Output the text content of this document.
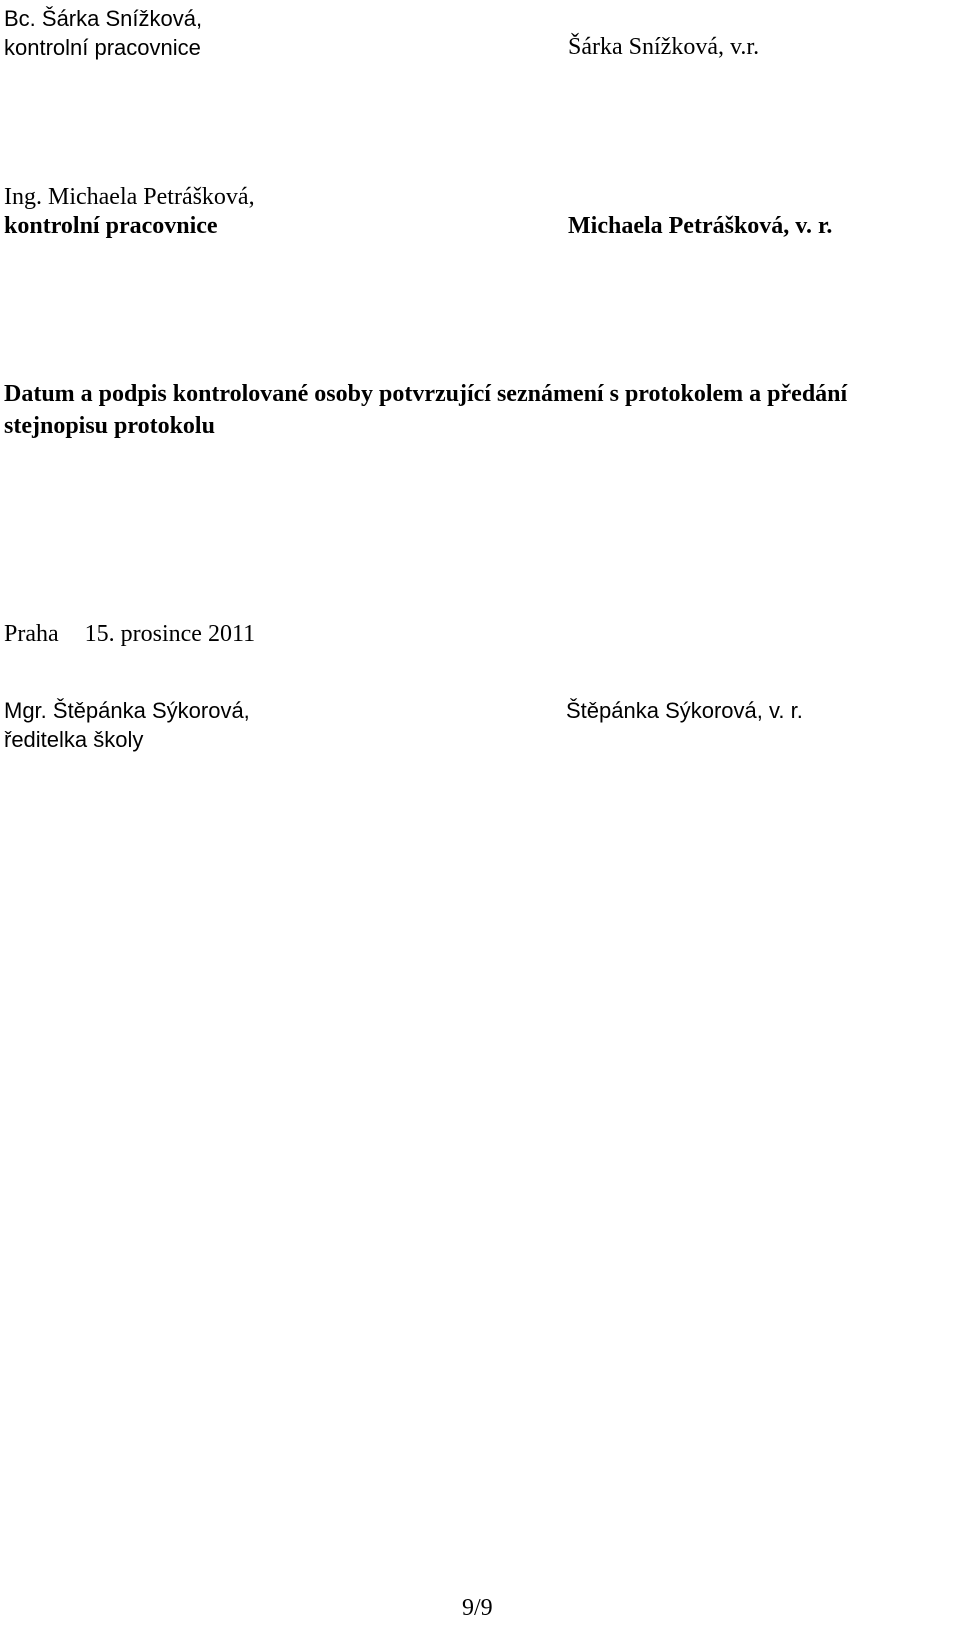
Bc. Šárka Snížková,
kontrolní pracovnice	Šárka Snížková, v.r.
Ing. Michaela Petrášková,
kontrolní pracovnice	Michaela Petrášková, v. r.
Datum a podpis kontrolované osoby potvrzující seznámení s protokolem a předání stejnopisu protokolu
Praha 15. prosince 2011
Mgr. Štěpánka Sýkorová,
ředitelka školy
Štěpánka Sýkorová, v. r.
9/9
